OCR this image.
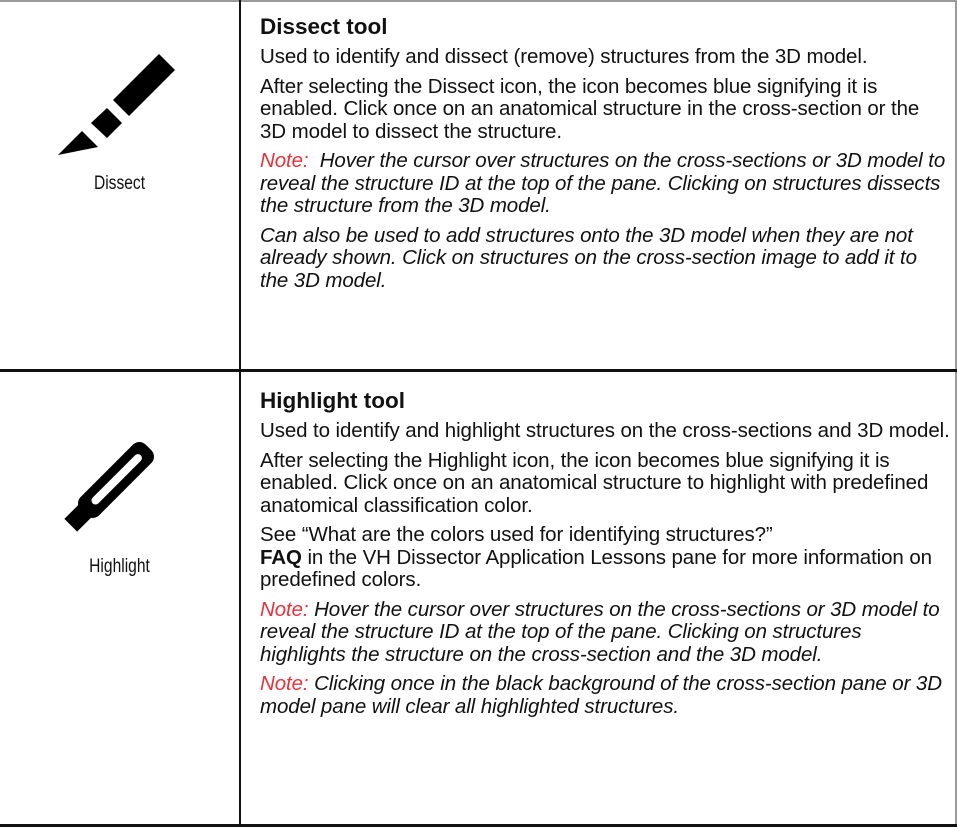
Dissect
Dissect tool
Used to identify and dissect (remove) structures from the 3D model.
After selecting the Dissect icon, the icon becomes blue signifying it is enabled. Click once on an anatomical structure in the cross-section or the 3D model to dissect the structure.
Note:  Hover the cursor over structures on the cross-sections or 3D model to reveal the structure ID at the top of the pane. Clicking on structures dissects the structure from the 3D model.
Can also be used to add structures onto the 3D model when they are not already shown. Click on structures on the cross-section image to add it to the 3D model.
Highlight
Highlight tool
Used to identify and highlight structures on the cross-sections and 3D model.
After selecting the Highlight icon, the icon becomes blue signifying it is enabled. Click once on an anatomical structure to highlight with predefined anatomical classification color.
See “What are the colors used for identifying structures?”
FAQ in the VH Dissector Application Lessons pane for more information on predefined colors.
Note: Hover the cursor over structures on the cross-sections or 3D model to reveal the structure ID at the top of the pane. Clicking on structures highlights the structure on the cross-section and the 3D model.
Note: Clicking once in the black background of the cross-section pane or 3D model pane will clear all highlighted structures.
